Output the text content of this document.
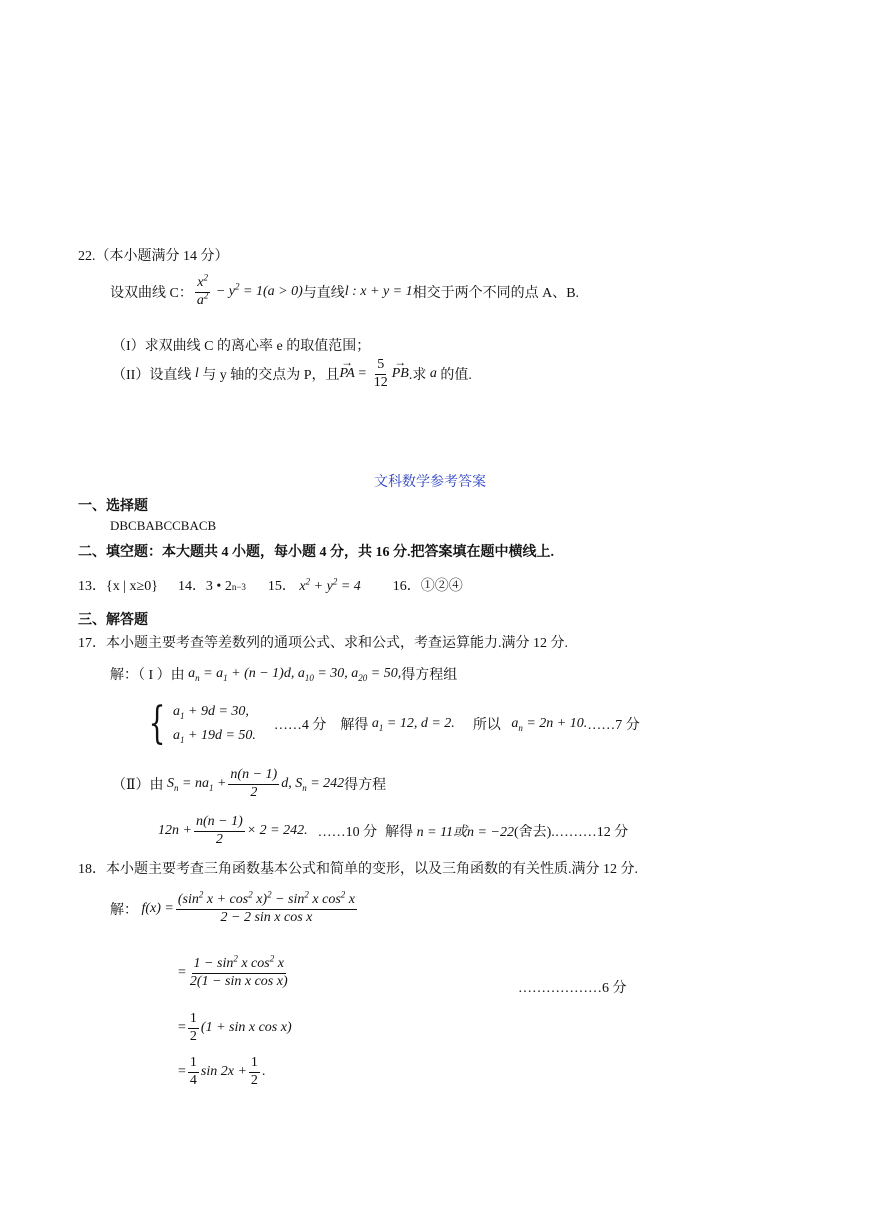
22.（本小题满分 14 分）
设双曲线 C： $\frac{x^2}{a^2} - y^2 = 1(a > 0)$ 与直线 l : x + y = 1 相交于两个不同的点 A、B.
（I）求双曲线 C 的离心率 e 的取值范围；
（II）设直线 l 与 y 轴的交点为 P，且 → PA = $\frac{5}{12}$ → PB .求 a 的值.
文科数学参考答案
一、选择题
DBCBABCCBACB
二、填空题：本大题共 4 小题，每小题 4 分，共 16 分.把答案填在题中横线上.
13．{x | x≥0} 14．3 • 2 n−3 15． $x^2 + y^2 = 4$ 16．①②④
三、解答题
17．本小题主要考查等差数列的通项公式、求和公式，考查运算能力.满分 12 分.
解：（ I ）由 $a_n = a_1 + (n - 1)d$, $a_{10} = 30$, $a_{20} = 50$, 得方程组
{ $a_1 + 9d = 30$,
$a_1 + 19d = 50$.
……4 分 解得 $a_1 = 12$, d = 2. 所以 $a_n = 2n + 10$. ……7 分
（Ⅱ）由 $S_n = na_1 + \frac{n(n - 1)}{2} d$, $S_n = 242$ 得方程
$12n + \frac{n(n - 1)}{2} \times 2 = 242$. ……10 分 解得 n = 11或n = −22 (舍去). ………12 分
18．本小题主要考查三角函数基本公式和简单的变形，以及三角函数的有关性质.满分 12 分.
解： $f(x) = \frac{(\sin^2 x + \cos^2 x)^2 - \sin^2 x \cos^2 x}{\text{2 − 2 sin x cos x}}$
= $\frac{1 - \sin^2 x \cos^2 x}{\text{2(1 − sin x cos x)}}$	………………6 分
= $\frac{1}{2} (1 + \sin x$ cos x)
= $\frac{1}{4}$ $\sin 2x + \frac{1}{2}$ .
